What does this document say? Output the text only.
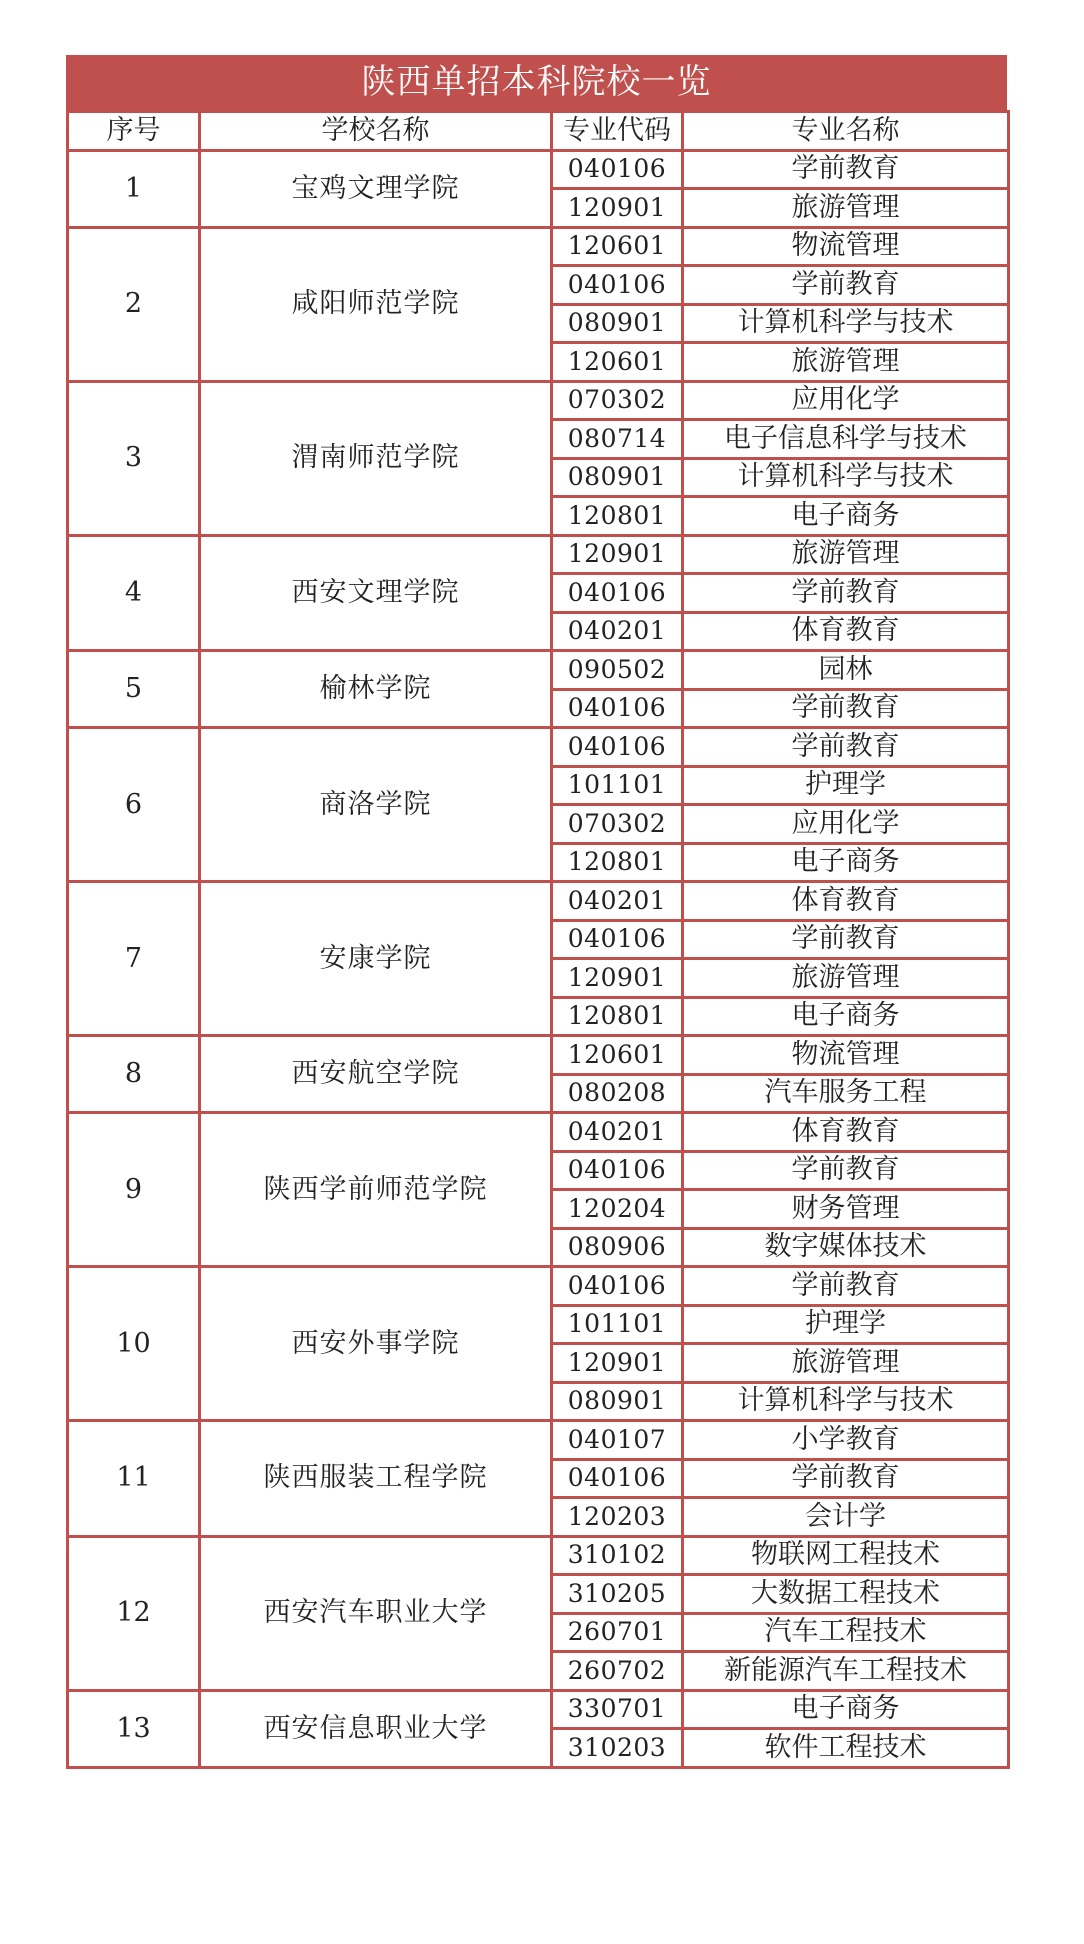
陕西单招本科院校一览
序号	学校名称	专业代码	专业名称
1	宝鸡文理学院	040106	学前教育
		120901	旅游管理
2	咸阳师范学院	120601	物流管理
		040106	学前教育
		080901	计算机科学与技术
		120601	旅游管理
3	渭南师范学院	070302	应用化学
		080714	电子信息科学与技术
		080901	计算机科学与技术
		120801	电子商务
4	西安文理学院	120901	旅游管理
		040106	学前教育
		040201	体育教育
5	榆林学院	090502	园林
		040106	学前教育
6	商洛学院	040106	学前教育
		101101	护理学
		070302	应用化学
		120801	电子商务
7	安康学院	040201	体育教育
		040106	学前教育
		120901	旅游管理
		120801	电子商务
8	西安航空学院	120601	物流管理
		080208	汽车服务工程
9	陕西学前师范学院	040201	体育教育
		040106	学前教育
		120204	财务管理
		080906	数字媒体技术
10	西安外事学院	040106	学前教育
		101101	护理学
		120901	旅游管理
		080901	计算机科学与技术
11	陕西服装工程学院	040107	小学教育
		040106	学前教育
		120203	会计学
12	西安汽车职业大学	310102	物联网工程技术
		310205	大数据工程技术
		260701	汽车工程技术
		260702	新能源汽车工程技术
13	西安信息职业大学	330701	电子商务
		310203	软件工程技术
